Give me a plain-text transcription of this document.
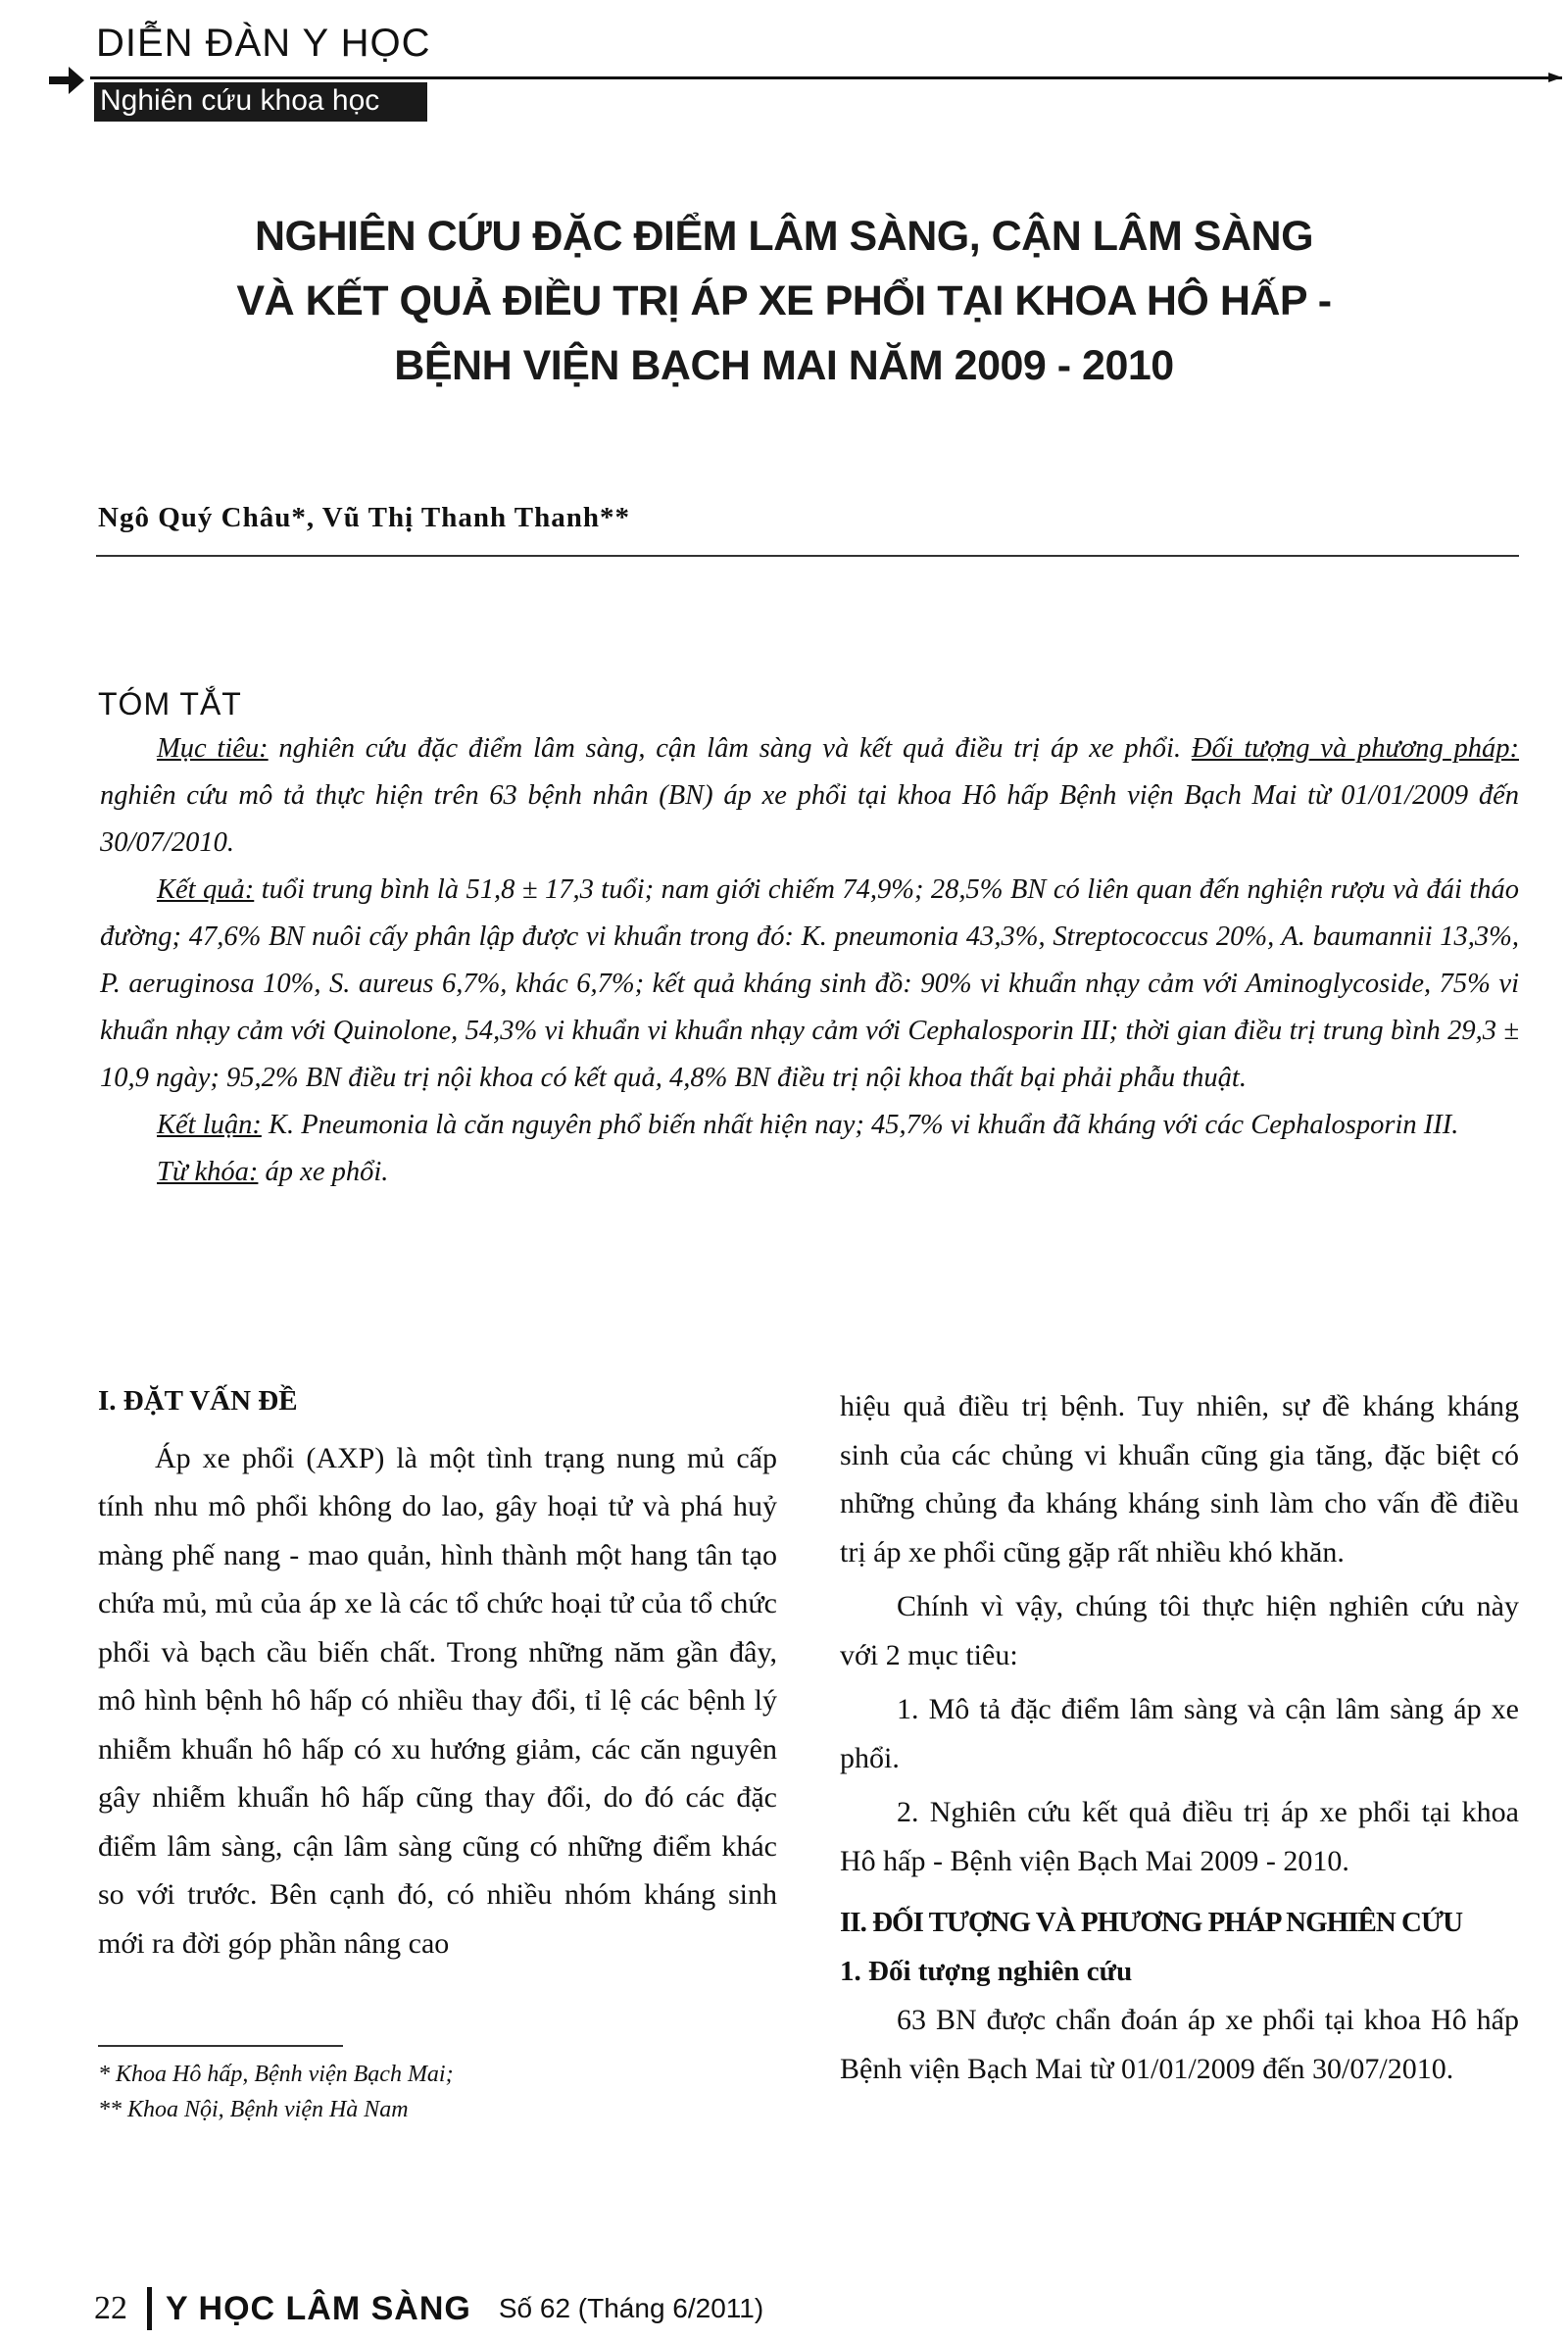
DIỄN ĐÀN Y HỌC
Nghiên cứu khoa học
NGHIÊN CỨU ĐẶC ĐIỂM LÂM SÀNG, CẬN LÂM SÀNG
VÀ KẾT QUẢ ĐIỀU TRỊ ÁP XE PHỔI TẠI KHOA HÔ HẤP -
BỆNH VIỆN BẠCH MAI NĂM 2009 - 2010
Ngô Quý Châu*, Vũ Thị Thanh Thanh**
TÓM TẮT

Mục tiêu: nghiên cứu đặc điểm lâm sàng, cận lâm sàng và kết quả điều trị áp xe phổi. Đối tượng và phương pháp: nghiên cứu mô tả thực hiện trên 63 bệnh nhân (BN) áp xe phổi tại khoa Hô hấp Bệnh viện Bạch Mai từ 01/01/2009 đến 30/07/2010.

Kết quả: tuổi trung bình là 51,8 ± 17,3 tuổi; nam giới chiếm 74,9%; 28,5% BN có liên quan đến nghiện rượu và đái tháo đường; 47,6% BN nuôi cấy phân lập được vi khuẩn trong đó: K. pneumonia 43,3%, Streptococcus 20%, A. baumannii 13,3%, P. aeruginosa 10%, S. aureus 6,7%, khác 6,7%; kết quả kháng sinh đồ: 90% vi khuẩn nhạy cảm với Aminoglycoside, 75% vi khuẩn nhạy cảm với Quinolone, 54,3% vi khuẩn vi khuẩn nhạy cảm với Cephalosporin III; thời gian điều trị trung bình 29,3 ± 10,9 ngày; 95,2% BN điều trị nội khoa có kết quả, 4,8% BN điều trị nội khoa thất bại phải phẫu thuật.

Kết luận: K. Pneumonia là căn nguyên phổ biến nhất hiện nay; 45,7% vi khuẩn đã kháng với các Cephalosporin III.

Từ khóa: áp xe phổi.

I. ĐẶT VẤN ĐỀ

Áp xe phổi (AXP) là một tình trạng nung mủ cấp tính nhu mô phổi không do lao, gây hoại tử và phá huỷ màng phế nang - mao quản, hình thành một hang tân tạo chứa mủ, mủ của áp xe là các tổ chức hoại tử của tổ chức phổi và bạch cầu biến chất. Trong những năm gần đây, mô hình bệnh hô hấp có nhiều thay đổi, tỉ lệ các bệnh lý nhiễm khuẩn hô hấp có xu hướng giảm, các căn nguyên gây nhiễm khuẩn hô hấp cũng thay đổi, do đó các đặc điểm lâm sàng, cận lâm sàng cũng có những điểm khác so với trước. Bên cạnh đó, có nhiều nhóm kháng sinh mới ra đời góp phần nâng cao

hiệu quả điều trị bệnh. Tuy nhiên, sự đề kháng kháng sinh của các chủng vi khuẩn cũng gia tăng, đặc biệt có những chủng đa kháng kháng sinh làm cho vấn đề điều trị áp xe phổi cũng gặp rất nhiều khó khăn.

Chính vì vậy, chúng tôi thực hiện nghiên cứu này với 2 mục tiêu:

1. Mô tả đặc điểm lâm sàng và cận lâm sàng áp xe phổi.

2. Nghiên cứu kết quả điều trị áp xe phổi tại khoa Hô hấp - Bệnh viện Bạch Mai 2009 - 2010.

II. ĐỐI TƯỢNG VÀ PHƯƠNG PHÁP NGHIÊN CỨU
1. Đối tượng nghiên cứu

63 BN được chẩn đoán áp xe phổi tại khoa Hô hấp Bệnh viện Bạch Mai từ 01/01/2009 đến 30/07/2010.

* Khoa Hô hấp, Bệnh viện Bạch Mai;
** Khoa Nội, Bệnh viện Hà Nam
22 Y HỌC LÂM SÀNG Số 62 (Tháng 6/2011)
